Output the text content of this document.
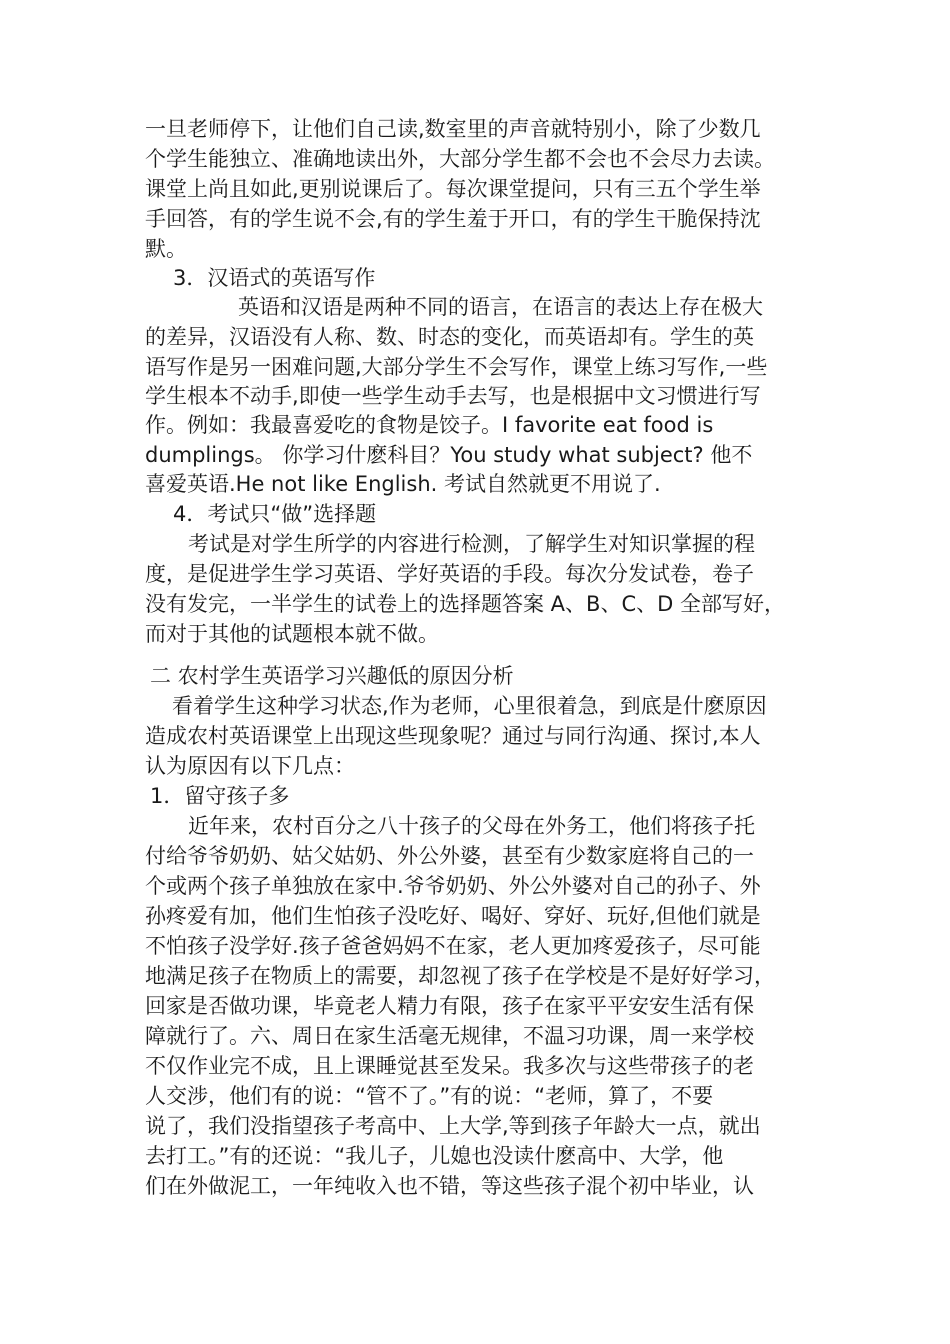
一旦老师停下，让他们自己读,数室里的声音就特别小，除了少数几
个学生能独立、准确地读出外，大部分学生都不会也不会尽力去读。
课堂上尚且如此,更别说课后了。每次课堂提问，只有三五个学生举
手回答，有的学生说不会,有的学生羞于开口，有的学生干脆保持沈
默。
3．汉语式的英语写作
英语和汉语是两种不同的语言，在语言的表达上存在极大
的差异，汉语没有人称、数、时态的变化，而英语却有。学生的英
语写作是另一困难问题,大部分学生不会写作，课堂上练习写作,一些
学生根本不动手,即使一些学生动手去写，也是根据中文习惯进行写
作。例如：我最喜爱吃的食物是饺子。I favorite eat food is
dumplings。 你学习什麽科目？You study what subject? 他不
喜爱英语.He not like English. 考试自然就更不用说了.
4．考试只“做”选择题
考试是对学生所学的内容进行检测，了解学生对知识掌握的程
度，是促进学生学习英语、学好英语的手段。每次分发试卷，卷子
没有发完，一半学生的试卷上的选择题答案 A、B、C、D 全部写好，
而对于其他的试题根本就不做。
二 农村学生英语学习兴趣低的原因分析
看着学生这种学习状态,作为老师，心里很着急，到底是什麽原因
造成农村英语课堂上出现这些现象呢？通过与同行沟通、探讨,本人
认为原因有以下几点：
1．留守孩子多
近年来，农村百分之八十孩子的父母在外务工，他们将孩子托
付给爷爷奶奶、姑父姑奶、外公外婆，甚至有少数家庭将自己的一
个或两个孩子单独放在家中.爷爷奶奶、外公外婆对自己的孙子、外
孙疼爱有加，他们生怕孩子没吃好、喝好、穿好、玩好,但他们就是
不怕孩子没学好.孩子爸爸妈妈不在家，老人更加疼爱孩子，尽可能
地满足孩子在物质上的需要，却忽视了孩子在学校是不是好好学习，
回家是否做功课，毕竟老人精力有限，孩子在家平平安安生活有保
障就行了。六、周日在家生活毫无规律，不温习功课，周一来学校
不仅作业完不成，且上课睡觉甚至发呆。我多次与这些带孩子的老
人交涉，他们有的说：“管不了。”有的说：“老师，算了，不要
说了，我们没指望孩子考高中、上大学,等到孩子年龄大一点，就出
去打工。”有的还说：“我儿子，儿媳也没读什麽高中、大学，他
们在外做泥工，一年纯收入也不错，等这些孩子混个初中毕业，认
